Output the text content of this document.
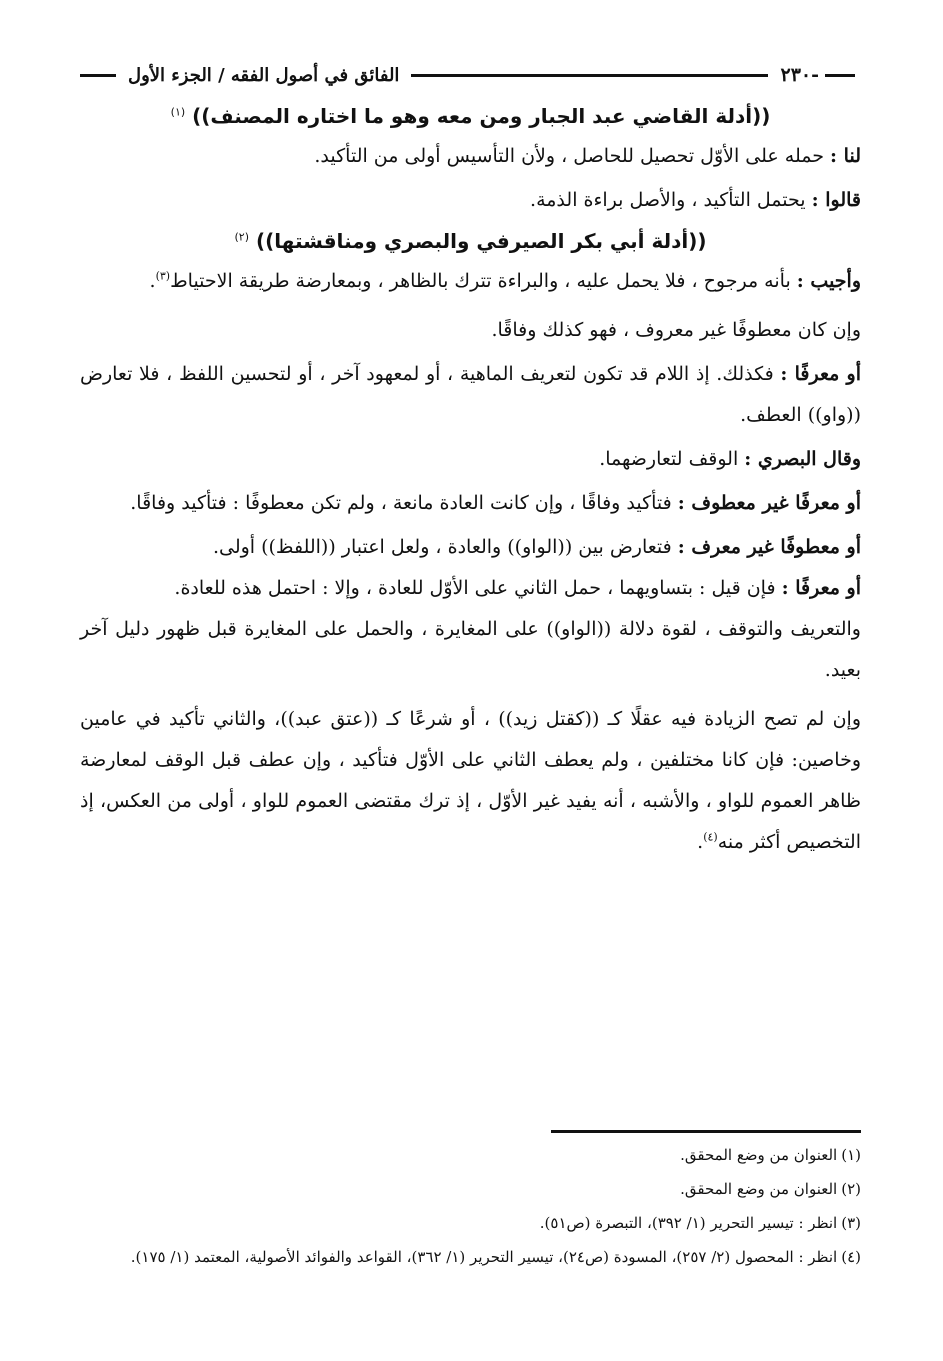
-٢٣٠
الفائق في أصول الفقه / الجزء الأول

((أدلة القاضي عبد الجبار ومن معه وهو ما اختاره المصنف)) $^{(١)}$

لنا : حمله على الأوّل تحصيل للحاصل ، ولأن التأسيس أولى من التأكيد.

قالوا : يحتمل التأكيد ، والأصل براءة الذمة.

((أدلة أبي بكر الصيرفي والبصري ومناقشتها)) $^{(٢)}$

وأجيب : بأنه مرجوح ، فلا يحمل عليه ، والبراءة تترك بالظاهر ، وبمعارضة طريقة الاحتياط$^{(٣)}$.

وإن كان معطوفًا غير معروف ، فهو كذلك وفاقًا.

أو معرفًا : فكذلك. إذ اللام قد تكون لتعريف الماهية ، أو لمعهود آخر ، أو لتحسين اللفظ ، فلا تعارض ((واو)) العطف.

وقال البصري : الوقف لتعارضهما.

أو معرفًا غير معطوف : فتأكيد وفاقًا ، وإن كانت العادة مانعة ، ولم تكن معطوفًا : فتأكيد وفاقًا.

أو معطوفًا غير معرف : فتعارض بين ((الواو)) والعادة ، ولعل اعتبار ((اللفظ)) أولى.

أو معرفًا : فإن قيل : بتساويهما ، حمل الثاني على الأوّل للعادة ، وإلا : احتمل هذه للعادة.

والتعريف والتوقف ، لقوة دلالة ((الواو)) على المغايرة ، والحمل على المغايرة قبل ظهور دليل آخر بعيد.

وإن لم تصح الزيادة فيه عقلًا كـ ((كقتل زيد)) ، أو شرعًا كـ ((عتق عبد))، والثاني تأكيد في عامين وخاصين: فإن كانا مختلفين ، ولم يعطف الثاني على الأوّل فتأكيد ، وإن عطف قبل الوقف لمعارضة ظاهر العموم للواو ، والأشبه ، أنه يفيد غير الأوّل ، إذ ترك مقتضى العموم للواو ، أولى من العكس، إذ التخصيص أكثر منه$^{(٤)}$.

(١)العنوان من وضع المحقق.

(٢)العنوان من وضع المحقق.

(٣)انظر : تيسير التحرير (١/ ٣٩٢)، التبصرة (ص٥١).

(٤)انظر : المحصول (٢/ ٢٥٧)، المسودة (ص٢٤)، تيسير التحرير (١/ ٣٦٢)، القواعد والفوائد الأصولية، المعتمد (١/ ١٧٥).
